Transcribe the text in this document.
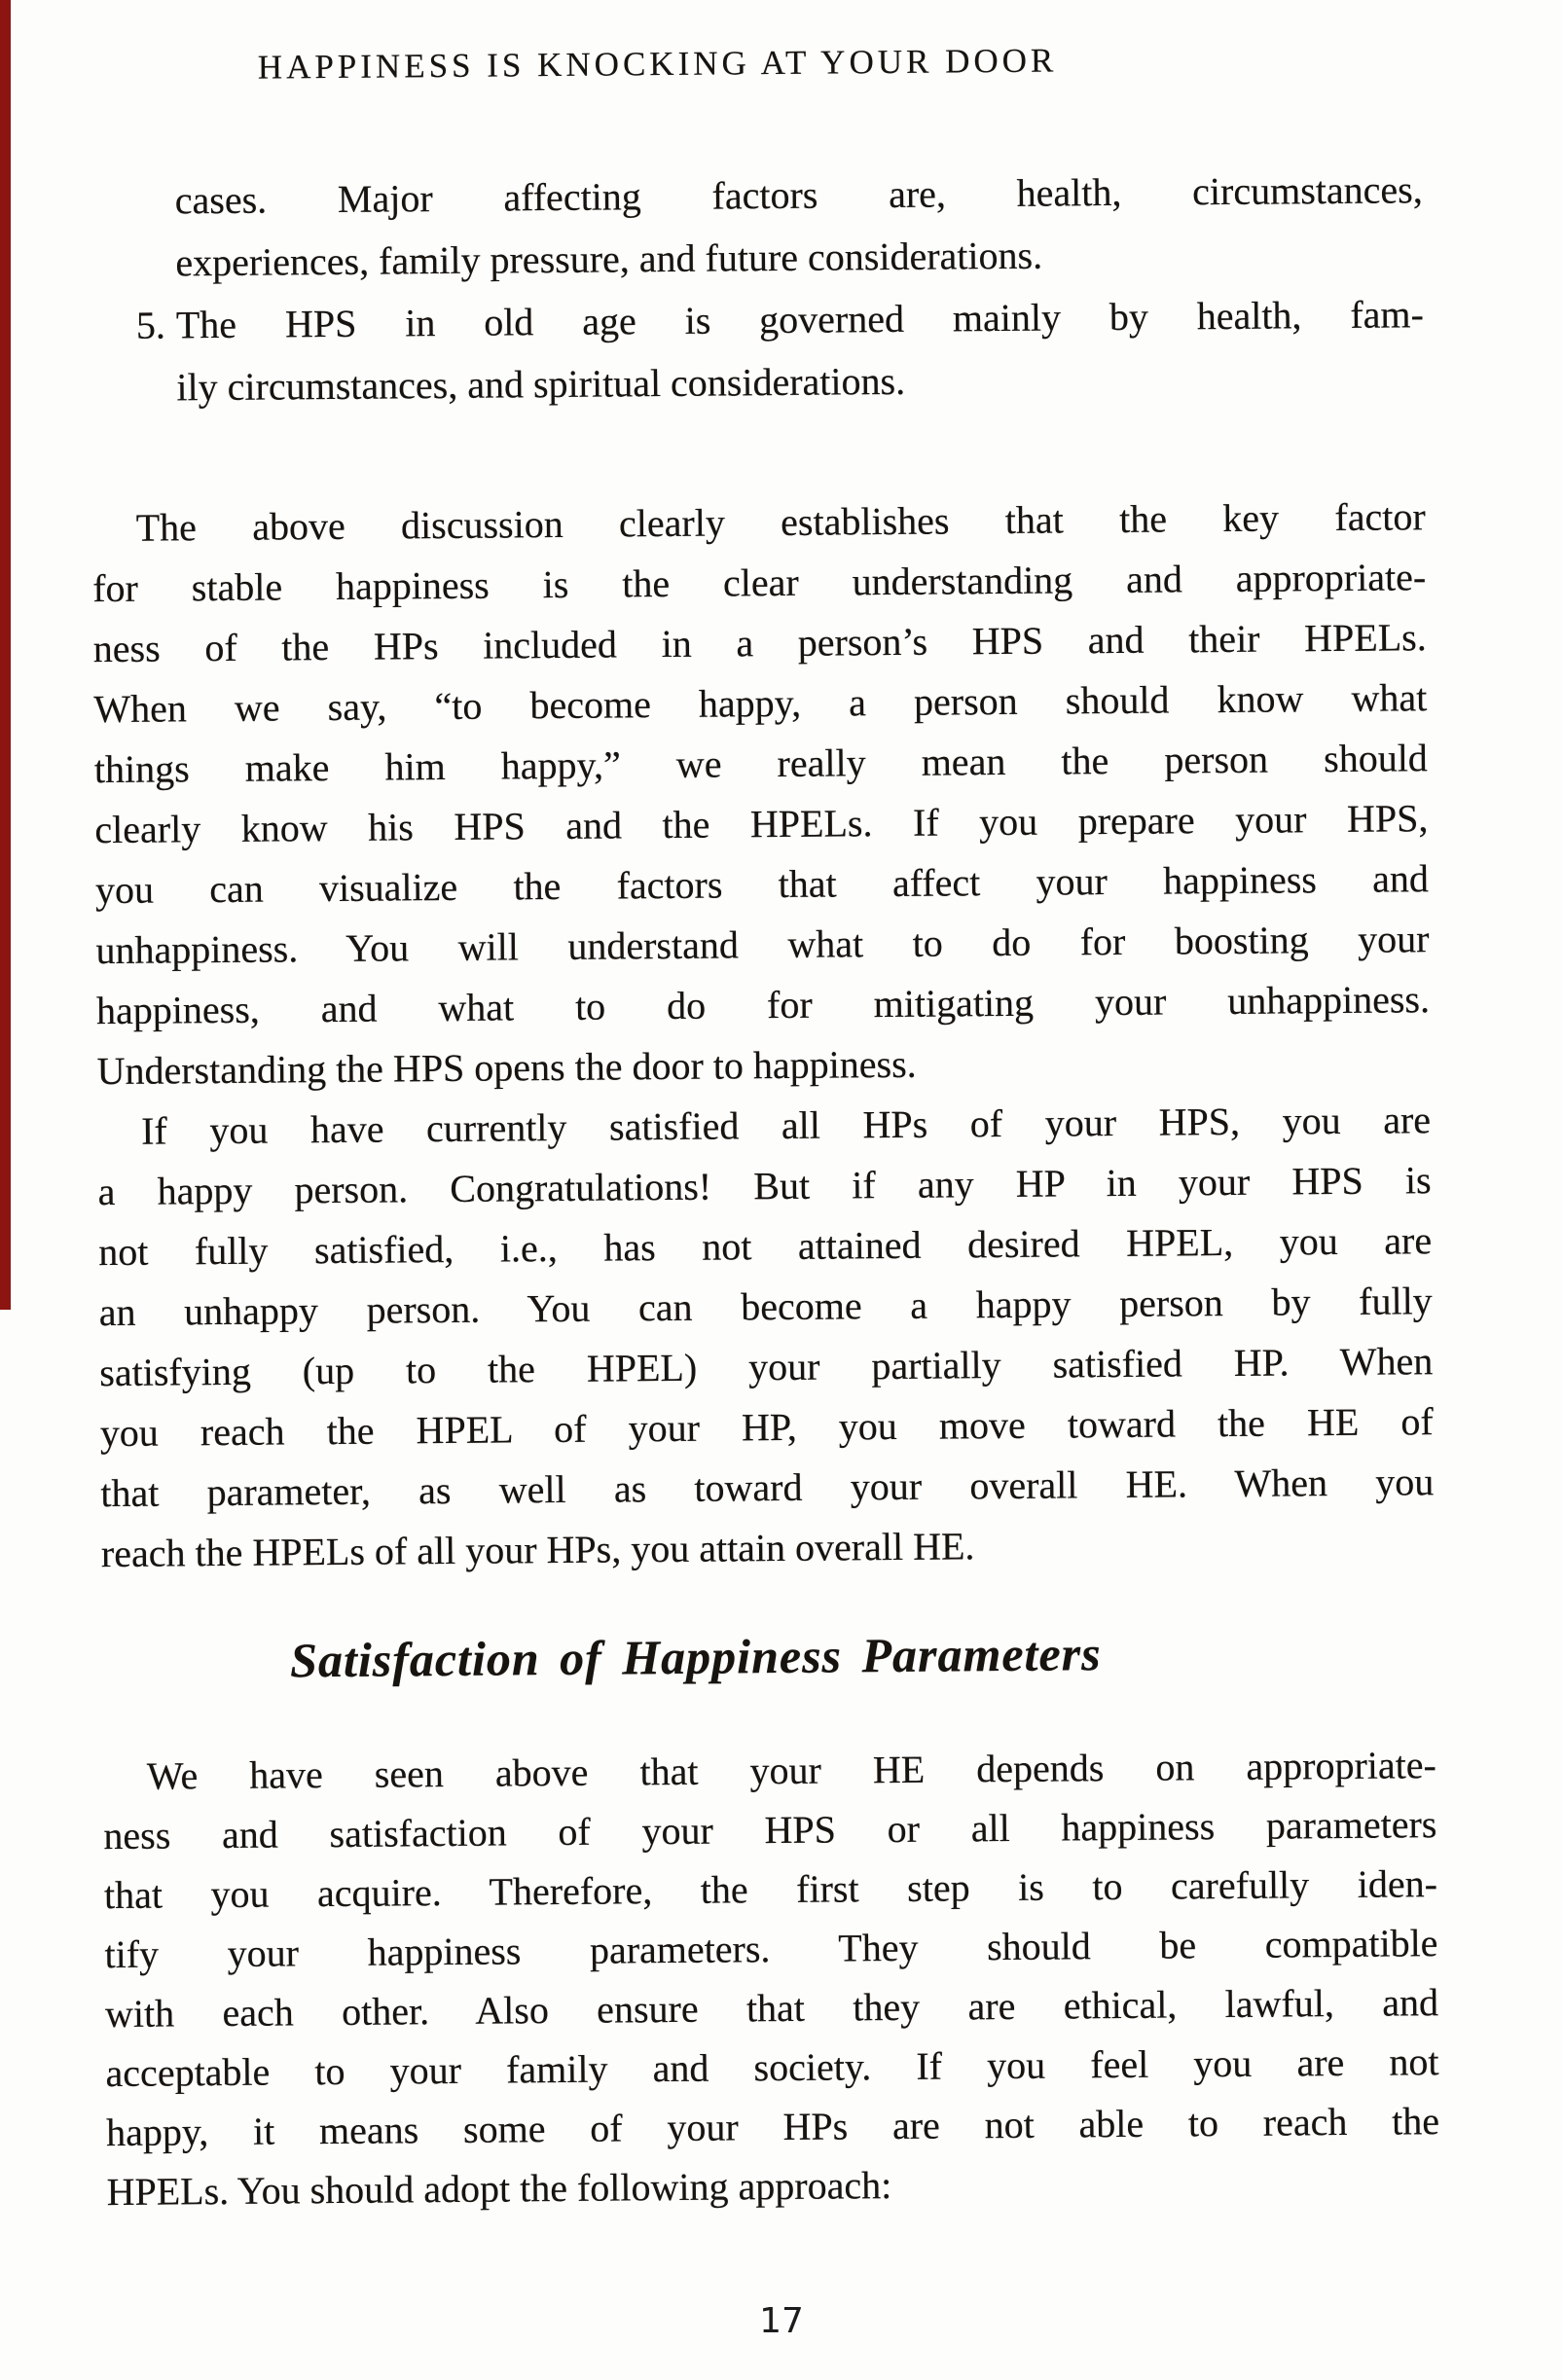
HAPPINESS IS KNOCKING AT YOUR DOOR
cases. Major affecting factors are, health, circumstances,
experiences, family pressure, and future considerations.
5. The HPS in old age is governed mainly by health, fam-
ily circumstances, and spiritual considerations.
The above discussion clearly establishes that the key factor
for stable happiness is the clear understanding and appropriate-
ness of the HPs included in a person’s HPS and their HPELs.
When we say, “to become happy, a person should know what
things make him happy,” we really mean the person should
clearly know his HPS and the HPELs. If you prepare your HPS,
you can visualize the factors that affect your happiness and
unhappiness. You will understand what to do for boosting your
happiness, and what to do for mitigating your unhappiness.
Understanding the HPS opens the door to happiness.
If you have currently satisfied all HPs of your HPS, you are
a happy person. Congratulations! But if any HP in your HPS is
not fully satisfied, i.e., has not attained desired HPEL, you are
an unhappy person. You can become a happy person by fully
satisfying (up to the HPEL) your partially satisfied HP. When
you reach the HPEL of your HP, you move toward the HE of
that parameter, as well as toward your overall HE. When you
reach the HPELs of all your HPs, you attain overall HE.
Satisfaction of Happiness Parameters
We have seen above that your HE depends on appropriate-
ness and satisfaction of your HPS or all happiness parameters
that you acquire. Therefore, the first step is to carefully iden-
tify your happiness parameters. They should be compatible
with each other. Also ensure that they are ethical, lawful, and
acceptable to your family and society. If you feel you are not
happy, it means some of your HPs are not able to reach the
HPELs. You should adopt the following approach:
17
